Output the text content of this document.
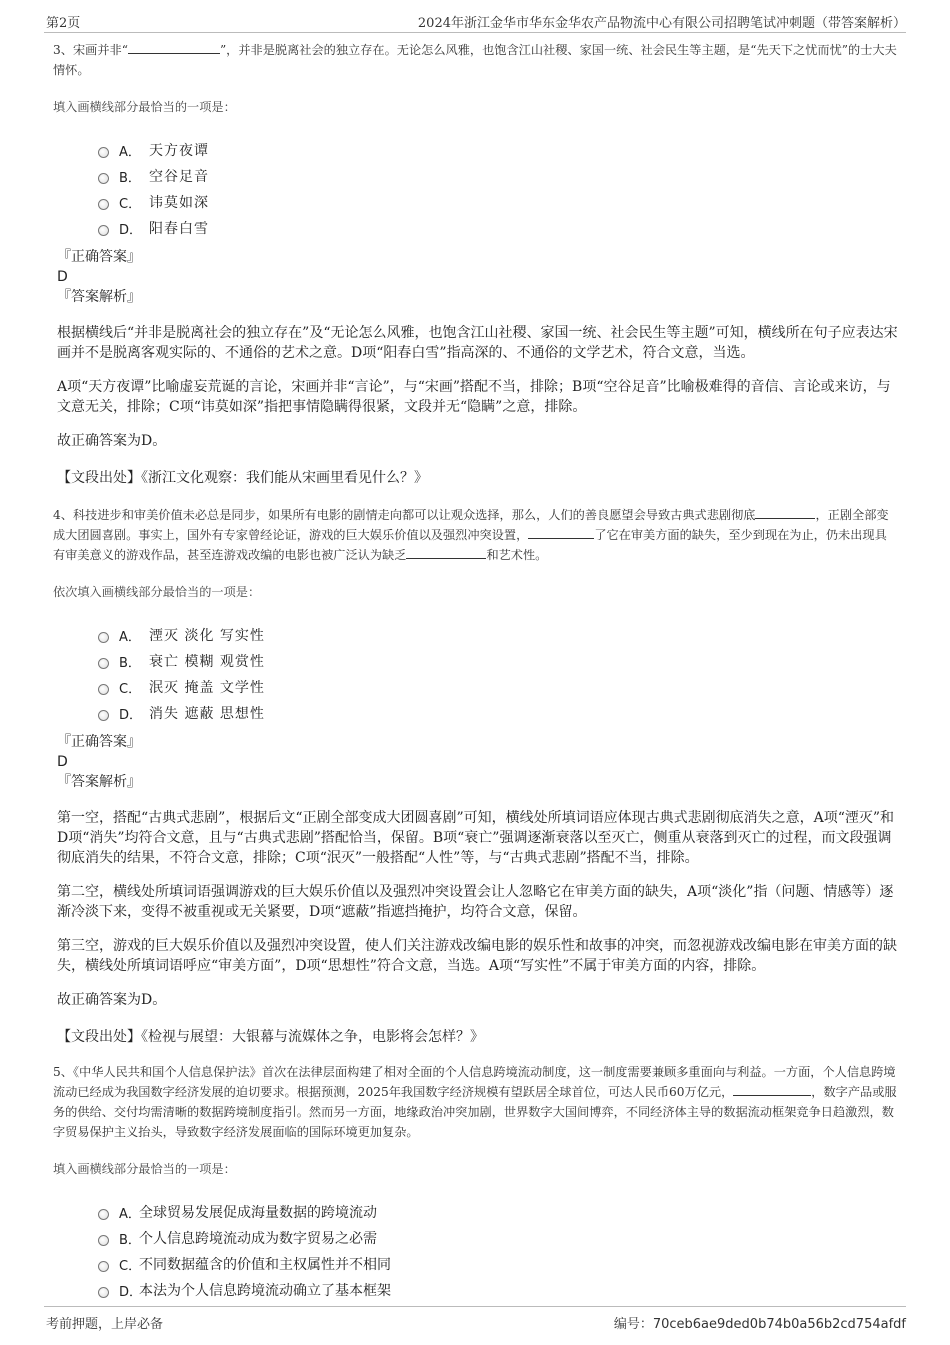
第2页	2024年浙江金华市华东金华农产品物流中心有限公司招聘笔试冲刺题（带答案解析）

3、宋画并非“	”，并非是脱离社会的独立存在。无论怎么风雅，也饱含江山社稷、家国一统、社会民生等主题，是“先天下之忧而忧”的士大夫情怀。

填入画横线部分最恰当的一项是：

A． 天方夜谭
B． 空谷足音
C． 讳莫如深
D． 阳春白雪
『正确答案』
D
『答案解析』

根据横线后“并非是脱离社会的独立存在”及“无论怎么风雅，也饱含江山社稷、家国一统、社会民生等主题”可知，横线所在句子应表达宋画并不是脱离客观实际的、不通俗的艺术之意。D项“阳春白雪”指高深的、不通俗的文学艺术，符合文意，当选。

A项“天方夜谭”比喻虚妄荒诞的言论，宋画并非“言论”，与“宋画”搭配不当，排除；B项“空谷足音”比喻极难得的音信、言论或来访，与文意无关，排除；C项“讳莫如深”指把事情隐瞒得很紧，文段并无“隐瞒”之意，排除。

故正确答案为D。

【文段出处】《浙江文化观察：我们能从宋画里看见什么？》

4、科技进步和审美价值未必总是同步，如果所有电影的剧情走向都可以让观众选择，那么，人们的善良愿望会导致古典式悲剧彻底	，正剧全部变成大团圆喜剧。事实上，国外有专家曾经论证，游戏的巨大娱乐价值以及强烈冲突设置，	了它在审美方面的缺失，至少到现在为止，仍未出现具有审美意义的游戏作品，甚至连游戏改编的电影也被广泛认为缺乏	和艺术性。

依次填入画横线部分最恰当的一项是：

A． 湮灭 淡化 写实性
B． 衰亡 模糊 观赏性
C． 泯灭 掩盖 文学性
D． 消失 遮蔽 思想性
『正确答案』
D
『答案解析』

第一空，搭配“古典式悲剧”，根据后文“正剧全部变成大团圆喜剧”可知，横线处所填词语应体现古典式悲剧彻底消失之意，A项“湮灭”和D项“消失”均符合文意，且与“古典式悲剧”搭配恰当，保留。B项“衰亡”强调逐渐衰落以至灭亡，侧重从衰落到灭亡的过程，而文段强调彻底消失的结果，不符合文意，排除；C项“泯灭”一般搭配“人性”等，与“古典式悲剧”搭配不当，排除。

第二空，横线处所填词语强调游戏的巨大娱乐价值以及强烈冲突设置会让人忽略它在审美方面的缺失，A项“淡化”指（问题、情感等）逐渐冷淡下来，变得不被重视或无关紧要，D项“遮蔽”指遮挡掩护，均符合文意，保留。

第三空，游戏的巨大娱乐价值以及强烈冲突设置，使人们关注游戏改编电影的娱乐性和故事的冲突，而忽视游戏改编电影在审美方面的缺失，横线处所填词语呼应“审美方面”，D项“思想性”符合文意，当选。A项“写实性”不属于审美方面的内容，排除。

故正确答案为D。

【文段出处】《检视与展望：大银幕与流媒体之争，电影将会怎样？》

5、《中华人民共和国个人信息保护法》首次在法律层面构建了相对全面的个人信息跨境流动制度，这一制度需要兼顾多重面向与利益。一方面，个人信息跨境流动已经成为我国数字经济发展的迫切要求。根据预测，2025年我国数字经济规模有望跃居全球首位，可达人民币60万亿元，	，数字产品或服务的供给、交付均需清晰的数据跨境制度指引。然而另一方面，地缘政治冲突加剧，世界数字大国间博弈，不同经济体主导的数据流动框架竞争日趋激烈，数字贸易保护主义抬头，导致数字经济发展面临的国际环境更加复杂。

填入画横线部分最恰当的一项是：

A．
全球贸易发展促成海量数据的跨境流动
B．
个人信息跨境流动成为数字贸易之必需
C．
不同数据蕴含的价值和主权属性并不相同
D．
本法为个人信息跨境流动确立了基本框架
考前押题，上岸必备	编号：70ceb6ae9ded0b74b0a56b2cd754afdf
